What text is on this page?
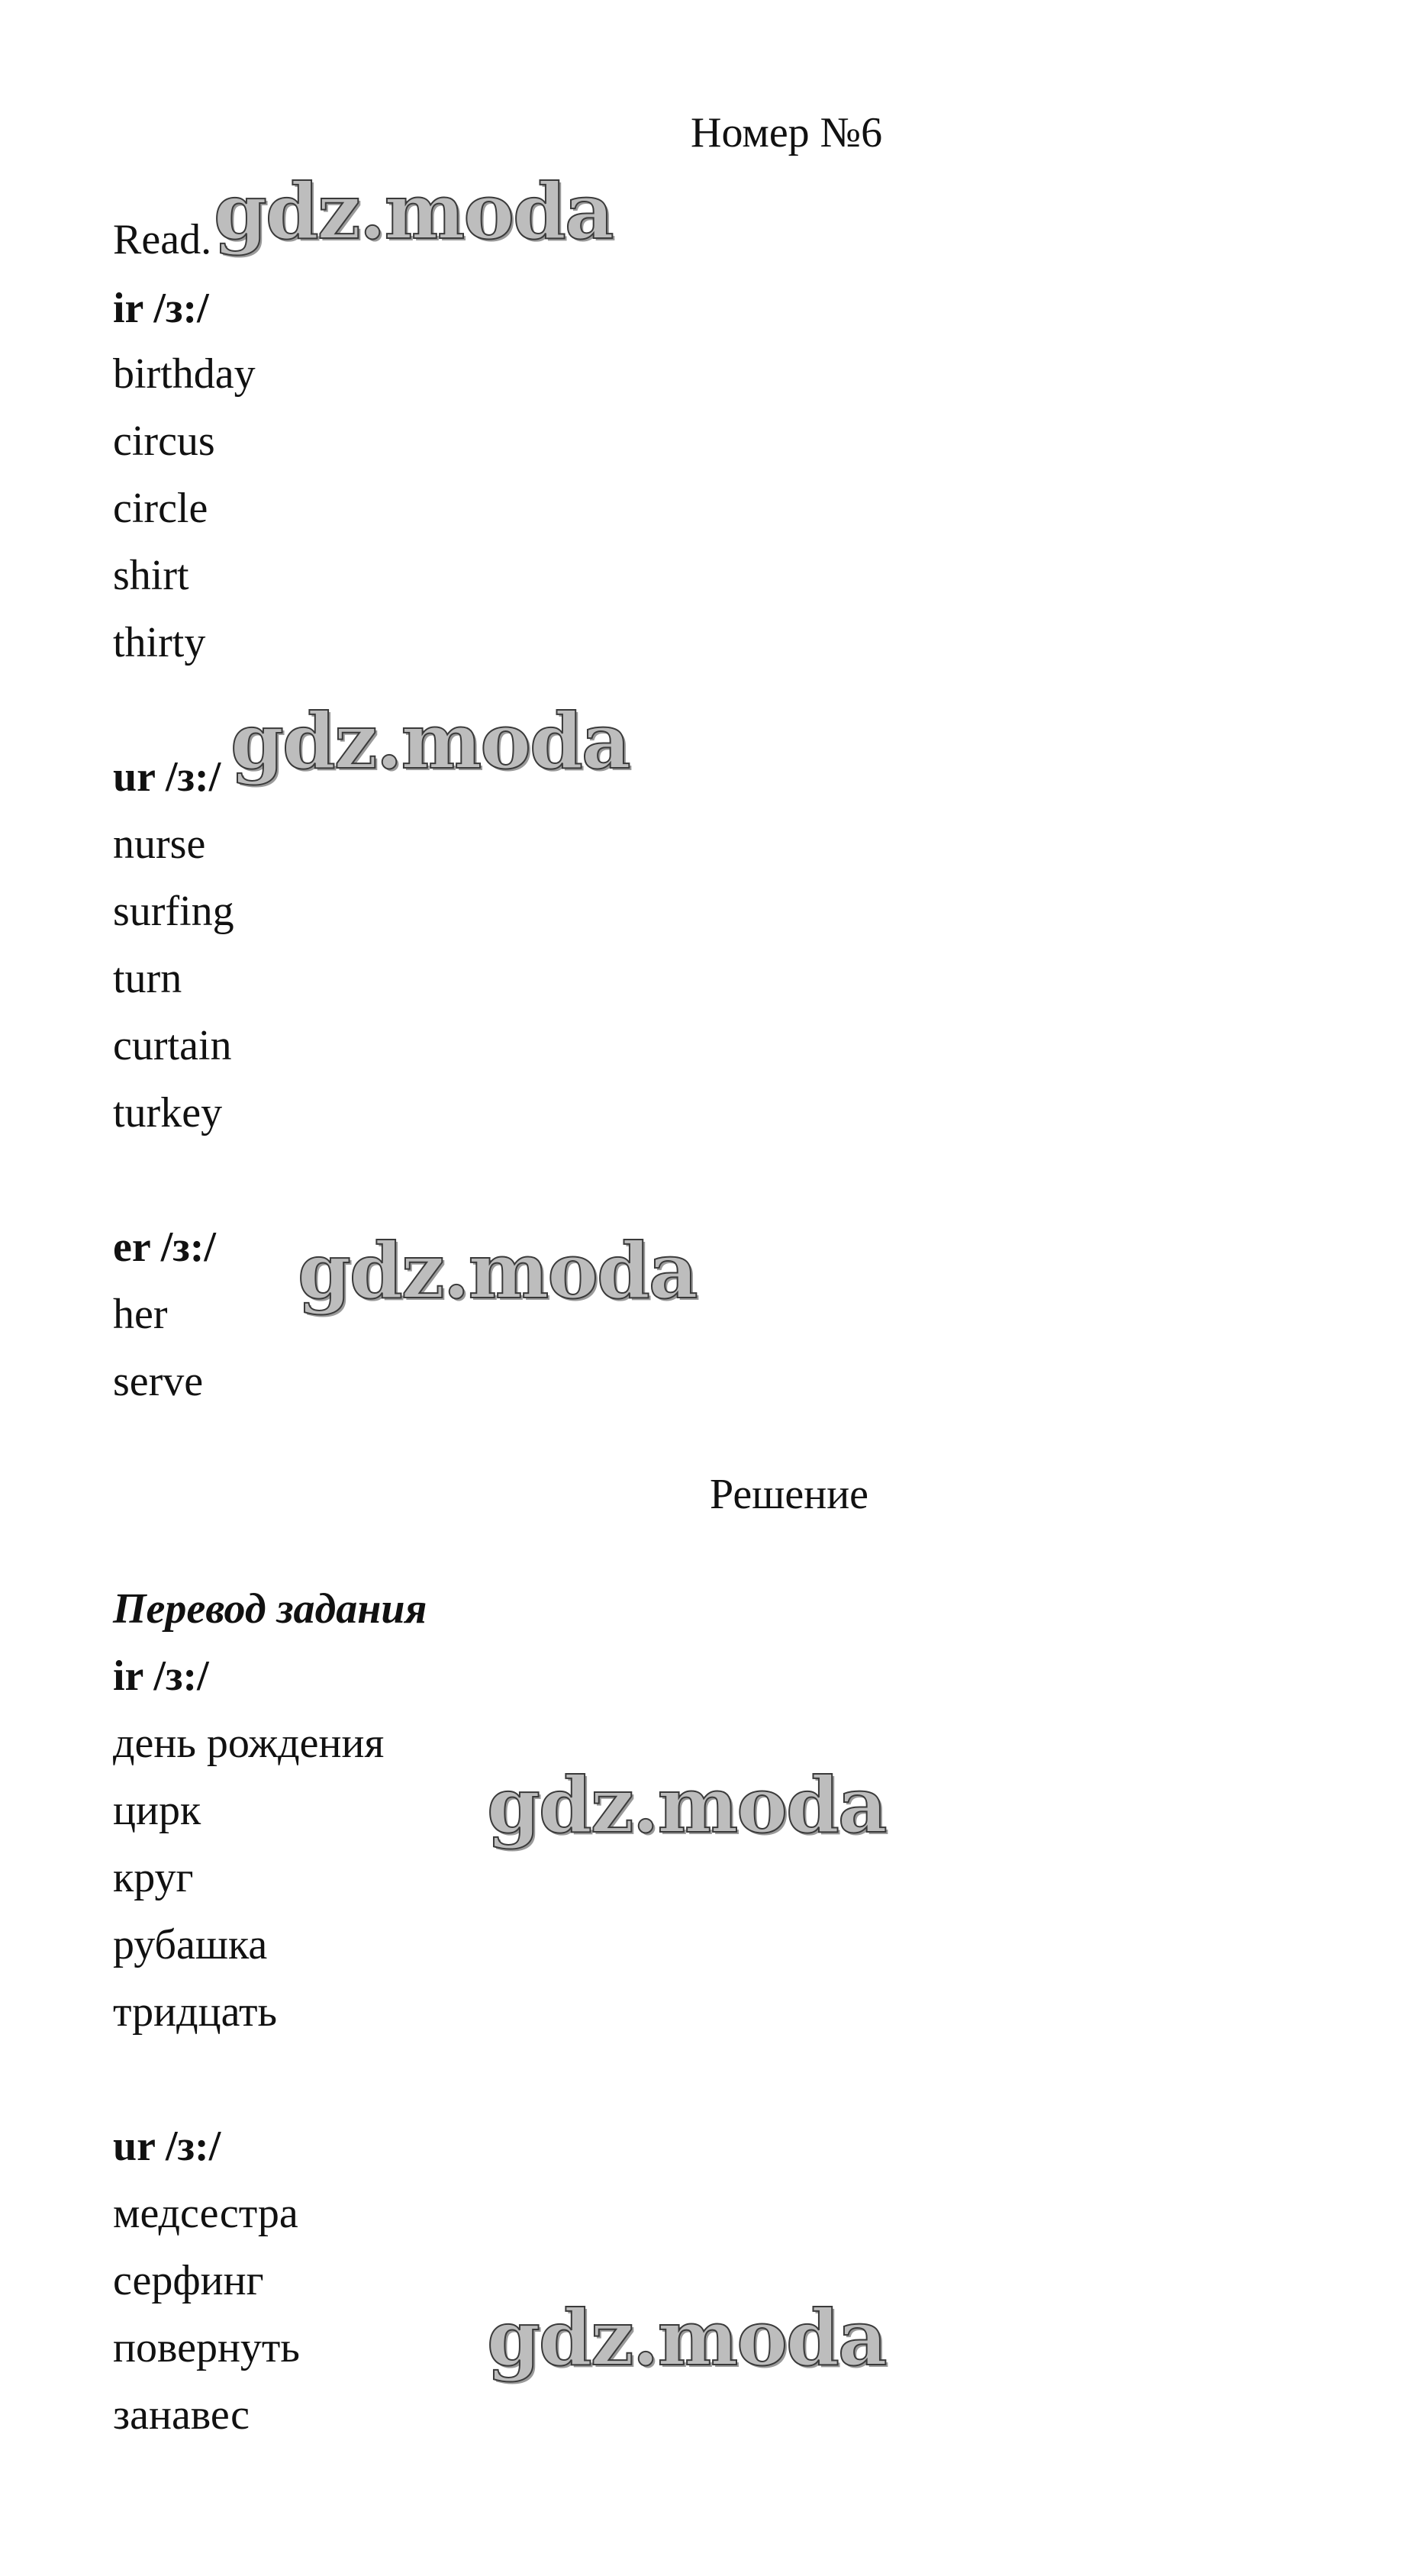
Номер №6
Read.
ir /з:/
birthday
circus
circle
shirt
thirty
ur /з:/
nurse
surfing
turn
curtain
turkey
er /з:/
her
serve
Решение
Перевод задания
ir /з:/
день рождения
цирк
круг
рубашка
тридцать
ur /з:/
медсестра
серфинг
повернуть
занавес
gdz.moda
gdz.moda
gdz.moda
gdz.moda
gdz.moda
